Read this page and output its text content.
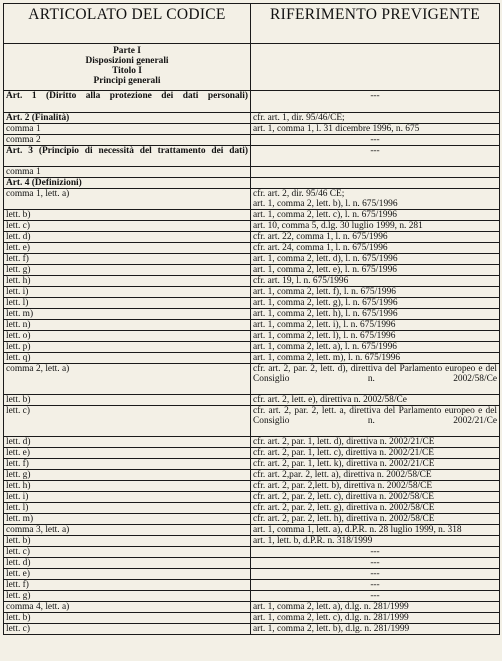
ARTICOLATO DEL CODICE	RIFERIMENTO PREVIGENTE

Parte I
Disposizioni generali
Titolo I
Principi generali	

Art. 1 (Diritto alla protezione dei dati personali)	---
Art. 2 (Finalità)	cfr. art. 1, dir. 95/46/CE;
comma 1	art. 1, comma 1, l. 31 dicembre 1996, n. 675
comma 2	---
Art. 3 (Principio di necessità del trattamento dei dati)	---
comma 1	
Art. 4 (Definizioni)	
comma 1, lett. a)	cfr. art. 2, dir. 95/46 CE;
art. 1, comma 2, lett. b), l. n. 675/1996

lett. b)	art. 1, comma 2, lett. c), l. n. 675/1996
lett. c)	art. 10, comma 5, d.lg. 30 luglio 1999, n. 281
lett. d)	cfr. art. 22, comma 1, l. n. 675/1996
lett. e)	cfr. art. 24, comma 1, l. n. 675/1996
lett. f)	art. 1, comma 2, lett. d), l. n. 675/1996
lett. g)	art. 1, comma 2, lett. e), l. n. 675/1996
lett. h)	cfr. art. 19, l. n. 675/1996
lett. i)	art. 1, comma 2, lett. f), l. n. 675/1996
lett. l)	art. 1, comma 2, lett. g), l. n. 675/1996
lett. m)	art. 1, comma 2, lett. h), l. n. 675/1996
lett. n)	art. 1, comma 2, lett. i), l. n. 675/1996
lett. o)	art. 1, comma 2, lett. l), l. n. 675/1996
lett. p)	art. 1, comma 2, lett. a), l. n. 675/1996
lett. q)	art. 1, comma 2, lett. m), l. n. 675/1996
comma 2, lett. a)	cfr. art. 2, par. 2, lett. d), direttiva del Parlamento europeo e del Consiglio n. 2002/58/Ce
lett. b)	cfr. art. 2, lett. e), direttiva n. 2002/58/Ce
lett. c)	cfr. art. 2, par. 2, lett. a, direttiva del Parlamento europeo e del Consiglio n. 2002/21/Ce
lett. d)	cfr. art. 2, par. 1, lett. d), direttiva n. 2002/21/CE
lett. e)	cfr. art. 2, par. 1, lett. c), direttiva n. 2002/21/CE
lett. f)	cfr. art. 2, par. 1, lett. k), direttiva n. 2002/21/CE
lett. g)	cfr. art. 2,par. 2, lett. a), direttiva n. 2002/58/CE
lett. h)	cfr. art. 2, par. 2,lett. b), direttiva n. 2002/58/CE
lett. i)	cfr. art. 2, par. 2, lett. c), direttiva n. 2002/58/CE
lett. l)	cfr. art. 2, par. 2, lett. g), direttiva n. 2002/58/CE
lett. m)	cfr. art. 2, par. 2, lett. h), direttiva n. 2002/58/CE
comma 3, lett. a)	art. 1, comma 1, lett. a), d.P.R. n. 28 luglio 1999, n. 318
lett. b)	art. 1, lett. b, d.P.R. n. 318/1999
lett. c)	---
lett. d)	---
lett. e)	---
lett. f)	---
lett. g)	---
comma 4, lett. a)	art. 1, comma 2, lett. a), d.lg. n. 281/1999
lett. b)	art. 1, comma 2, lett. c), d.lg. n. 281/1999
lett. c)	art. 1, comma 2, lett. b), d.lg. n. 281/1999
